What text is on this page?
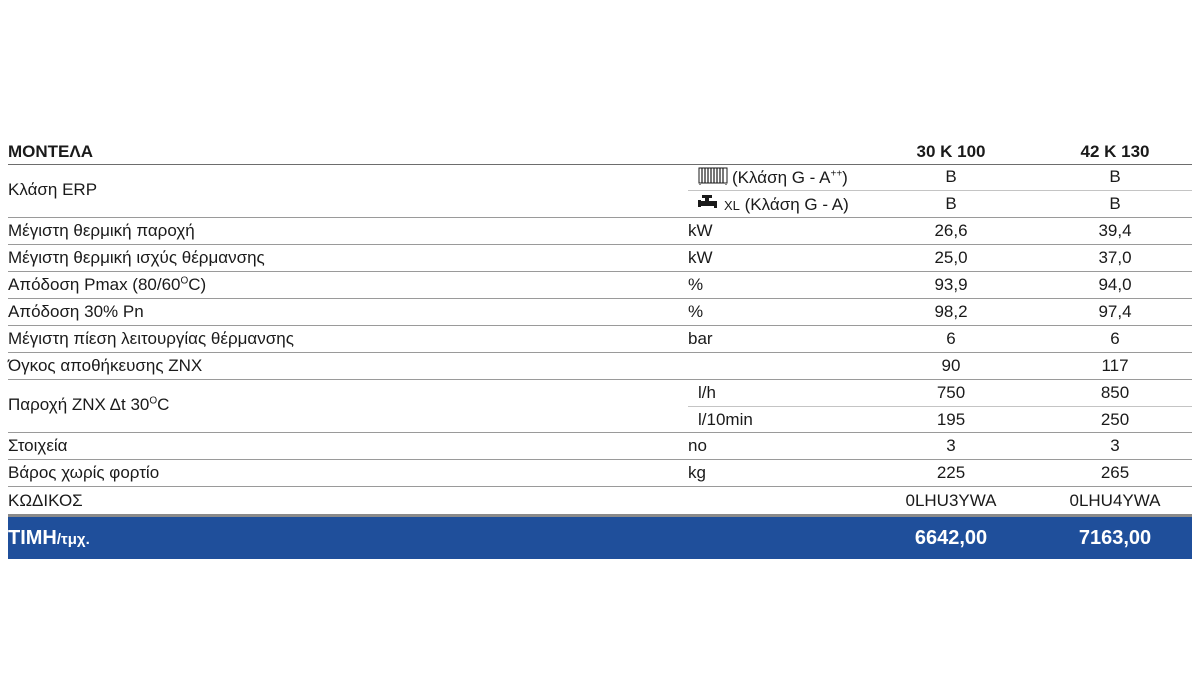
ΜΟΝΤΕΛΑ	30 K 100	42 K 130
Κλάση ERP
(Κλάση G - A++)	B	B
XL (Κλάση G - A)	B	B
Μέγιστη θερμική παροχή	kW	26,6	39,4
Μέγιστη θερμική ισχύς θέρμανσης	kW	25,0	37,0
Απόδοση Pmax $(80/60^OC)$	%	93,9	94,0
Απόδοση 30% Pn	%	98,2	97,4
Μέγιστη πίεση λειτουργίας θέρμανσης	bar	6	6
Όγκος αποθήκευσης ΖΝΧ	90	117
Παροχή ΖΝΧ Δt $30^OC$
l/h	750	850
l/10min	195	250
Στοιχεία	no	3	3
Βάρος χωρίς φορτίο	kg	225	265
ΚΩΔΙΚΟΣ	0LHU3YWA	0LHU4YWA
ΤΙΜΗ/τμχ.	6642,00	7163,00
